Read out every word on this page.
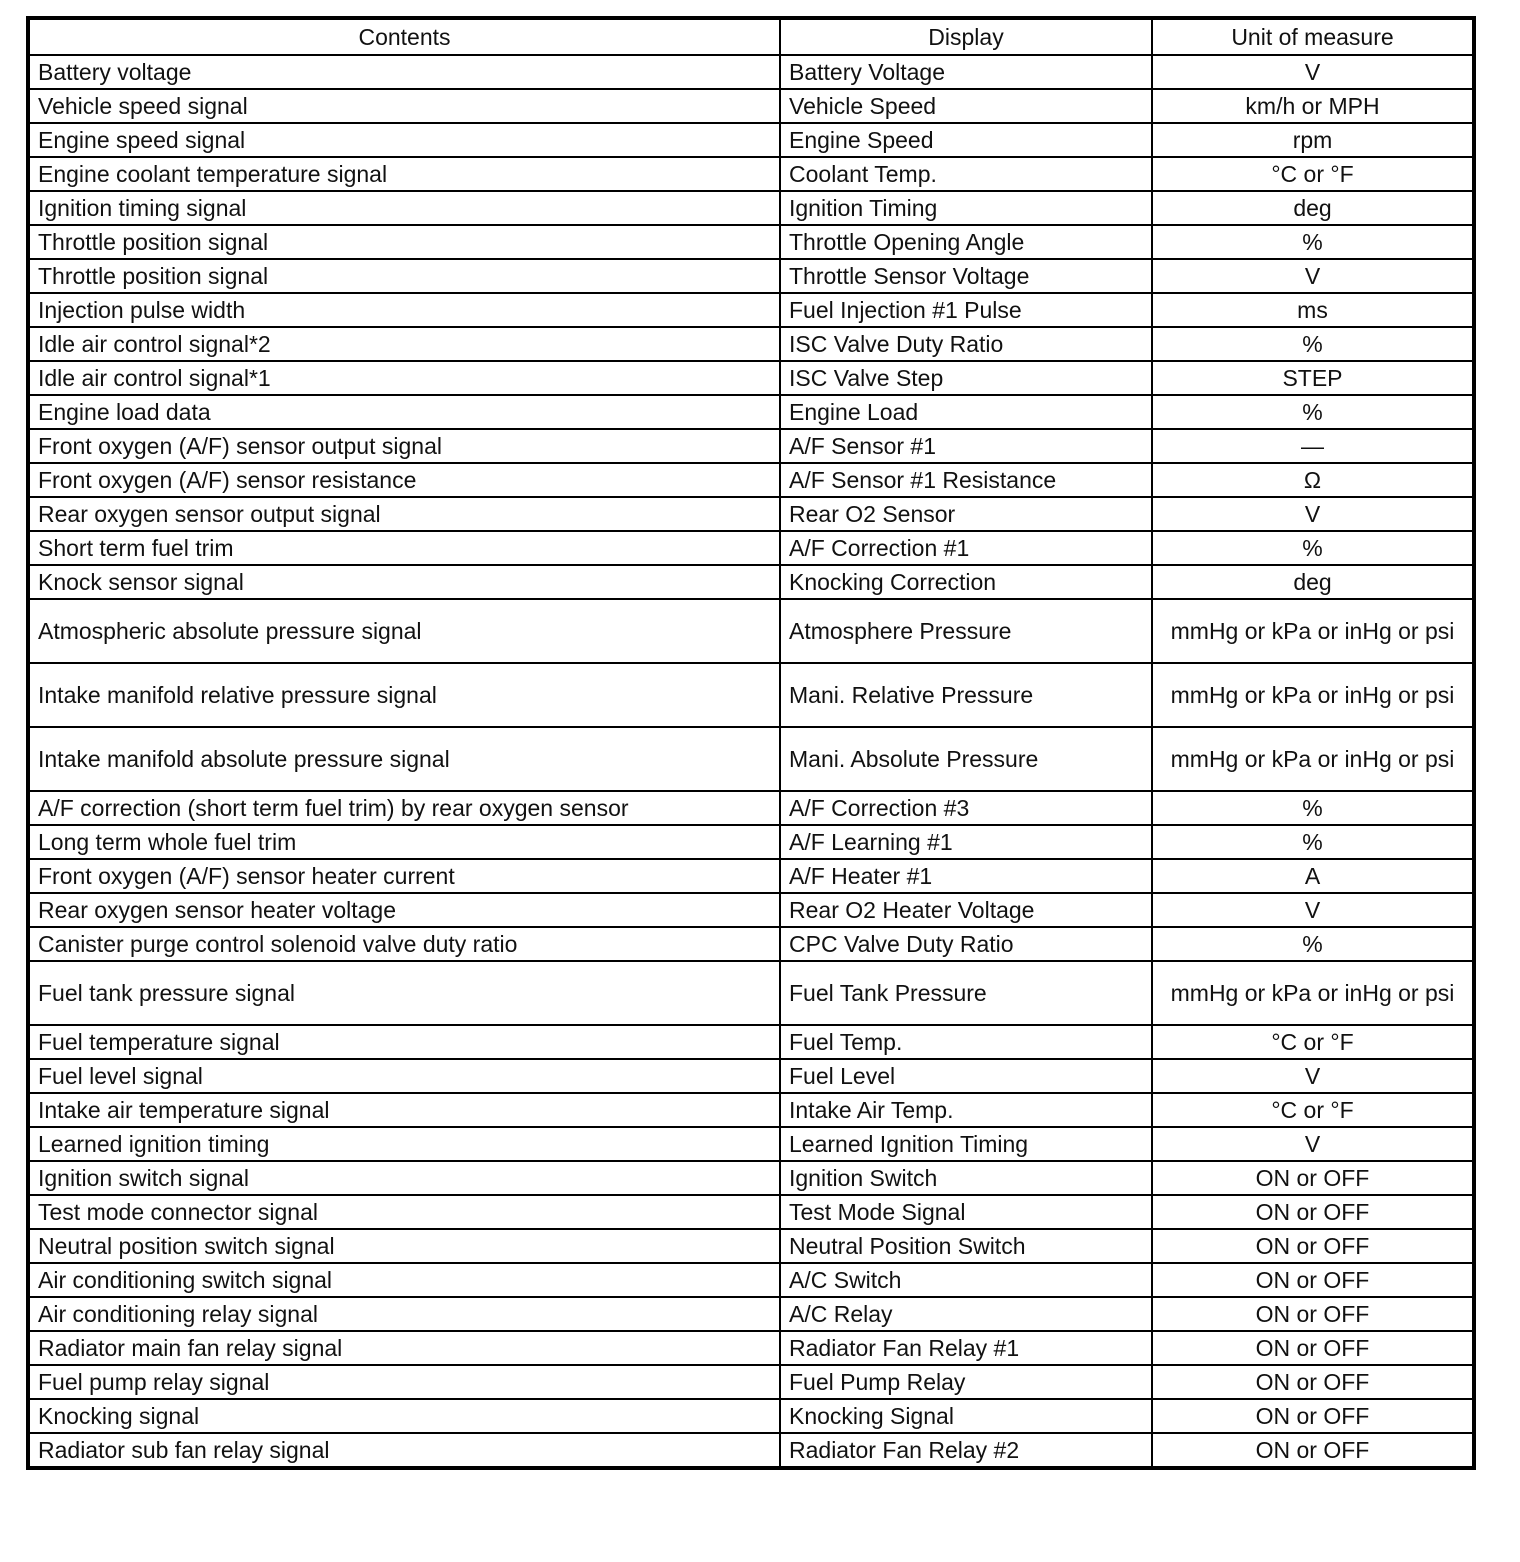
Contents	Display	Unit of measure
Battery voltage	Battery Voltage	V
Vehicle speed signal	Vehicle Speed	km/h or MPH
Engine speed signal	Engine Speed	rpm
Engine coolant temperature signal	Coolant Temp.	°C or °F
Ignition timing signal	Ignition Timing	deg
Throttle position signal	Throttle Opening Angle	%
Throttle position signal	Throttle Sensor Voltage	V
Injection pulse width	Fuel Injection #1 Pulse	ms
Idle air control signal*2	ISC Valve Duty Ratio	%
Idle air control signal*1	ISC Valve Step	STEP
Engine load data	Engine Load	%
Front oxygen (A/F) sensor output signal	A/F Sensor #1	—
Front oxygen (A/F) sensor resistance	A/F Sensor #1 Resistance	Ω
Rear oxygen sensor output signal	Rear O2 Sensor	V
Short term fuel trim	A/F Correction #1	%
Knock sensor signal	Knocking Correction	deg
Atmospheric absolute pressure signal	Atmosphere Pressure	mmHg or kPa or inHg or psi
Intake manifold relative pressure signal	Mani. Relative Pressure	mmHg or kPa or inHg or psi
Intake manifold absolute pressure signal	Mani. Absolute Pressure	mmHg or kPa or inHg or psi
A/F correction (short term fuel trim) by rear oxygen sensor	A/F Correction #3	%
Long term whole fuel trim	A/F Learning #1	%
Front oxygen (A/F) sensor heater current	A/F Heater #1	A
Rear oxygen sensor heater voltage	Rear O2 Heater Voltage	V
Canister purge control solenoid valve duty ratio	CPC Valve Duty Ratio	%
Fuel tank pressure signal	Fuel Tank Pressure	mmHg or kPa or inHg or psi
Fuel temperature signal	Fuel Temp.	°C or °F
Fuel level signal	Fuel Level	V
Intake air temperature signal	Intake Air Temp.	°C or °F
Learned ignition timing	Learned Ignition Timing	V
Ignition switch signal	Ignition Switch	ON or OFF
Test mode connector signal	Test Mode Signal	ON or OFF
Neutral position switch signal	Neutral Position Switch	ON or OFF
Air conditioning switch signal	A/C Switch	ON or OFF
Air conditioning relay signal	A/C Relay	ON or OFF
Radiator main fan relay signal	Radiator Fan Relay #1	ON or OFF
Fuel pump relay signal	Fuel Pump Relay	ON or OFF
Knocking signal	Knocking Signal	ON or OFF
Radiator sub fan relay signal	Radiator Fan Relay #2	ON or OFF
